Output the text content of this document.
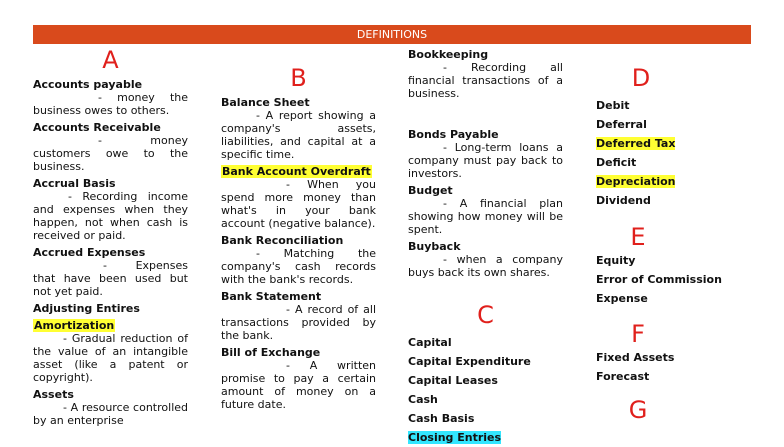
DEFINITIONS
A
Accounts payable

- money the business owes to others.

Accounts Receivable

- money customers owe to the business.

Accrual Basis

- Recording income and expenses when they happen, not when cash is received or paid.

Accrued Expenses

- Expenses that have been used but not yet paid.

Adjusting Entires
Amortization

- Gradual reduction of the value of an intangible asset (like a patent or copyright).

Assets

- A resource controlled by an enterprise

B
Balance Sheet

- A report showing a company's assets, liabilities, and capital at a specific time.

Bank Account Overdraft

- When you spend more money than what's in your bank account (negative balance).

Bank Reconciliation

- Matching the company's cash records with the bank's records.

Bank Statement

- A record of all transactions provided by the bank.

Bill of Exchange

- A written promise to pay a certain amount of money on a future date.

Bookkeeping

- Recording all financial transactions of a business.

Bonds Payable

- Long-term loans a company must pay back to investors.

Budget

- A financial plan showing how money will be spent.

Buyback

- when a company buys back its own shares.

C
Capital
Capital Expenditure
Capital Leases
Cash
Cash Basis
Closing Entries
D
Debit
Deferral
Deferred Tax
Deficit
Depreciation
Dividend
E
Equity
Error of Commission
Expense
F
Fixed Assets
Forecast
G
